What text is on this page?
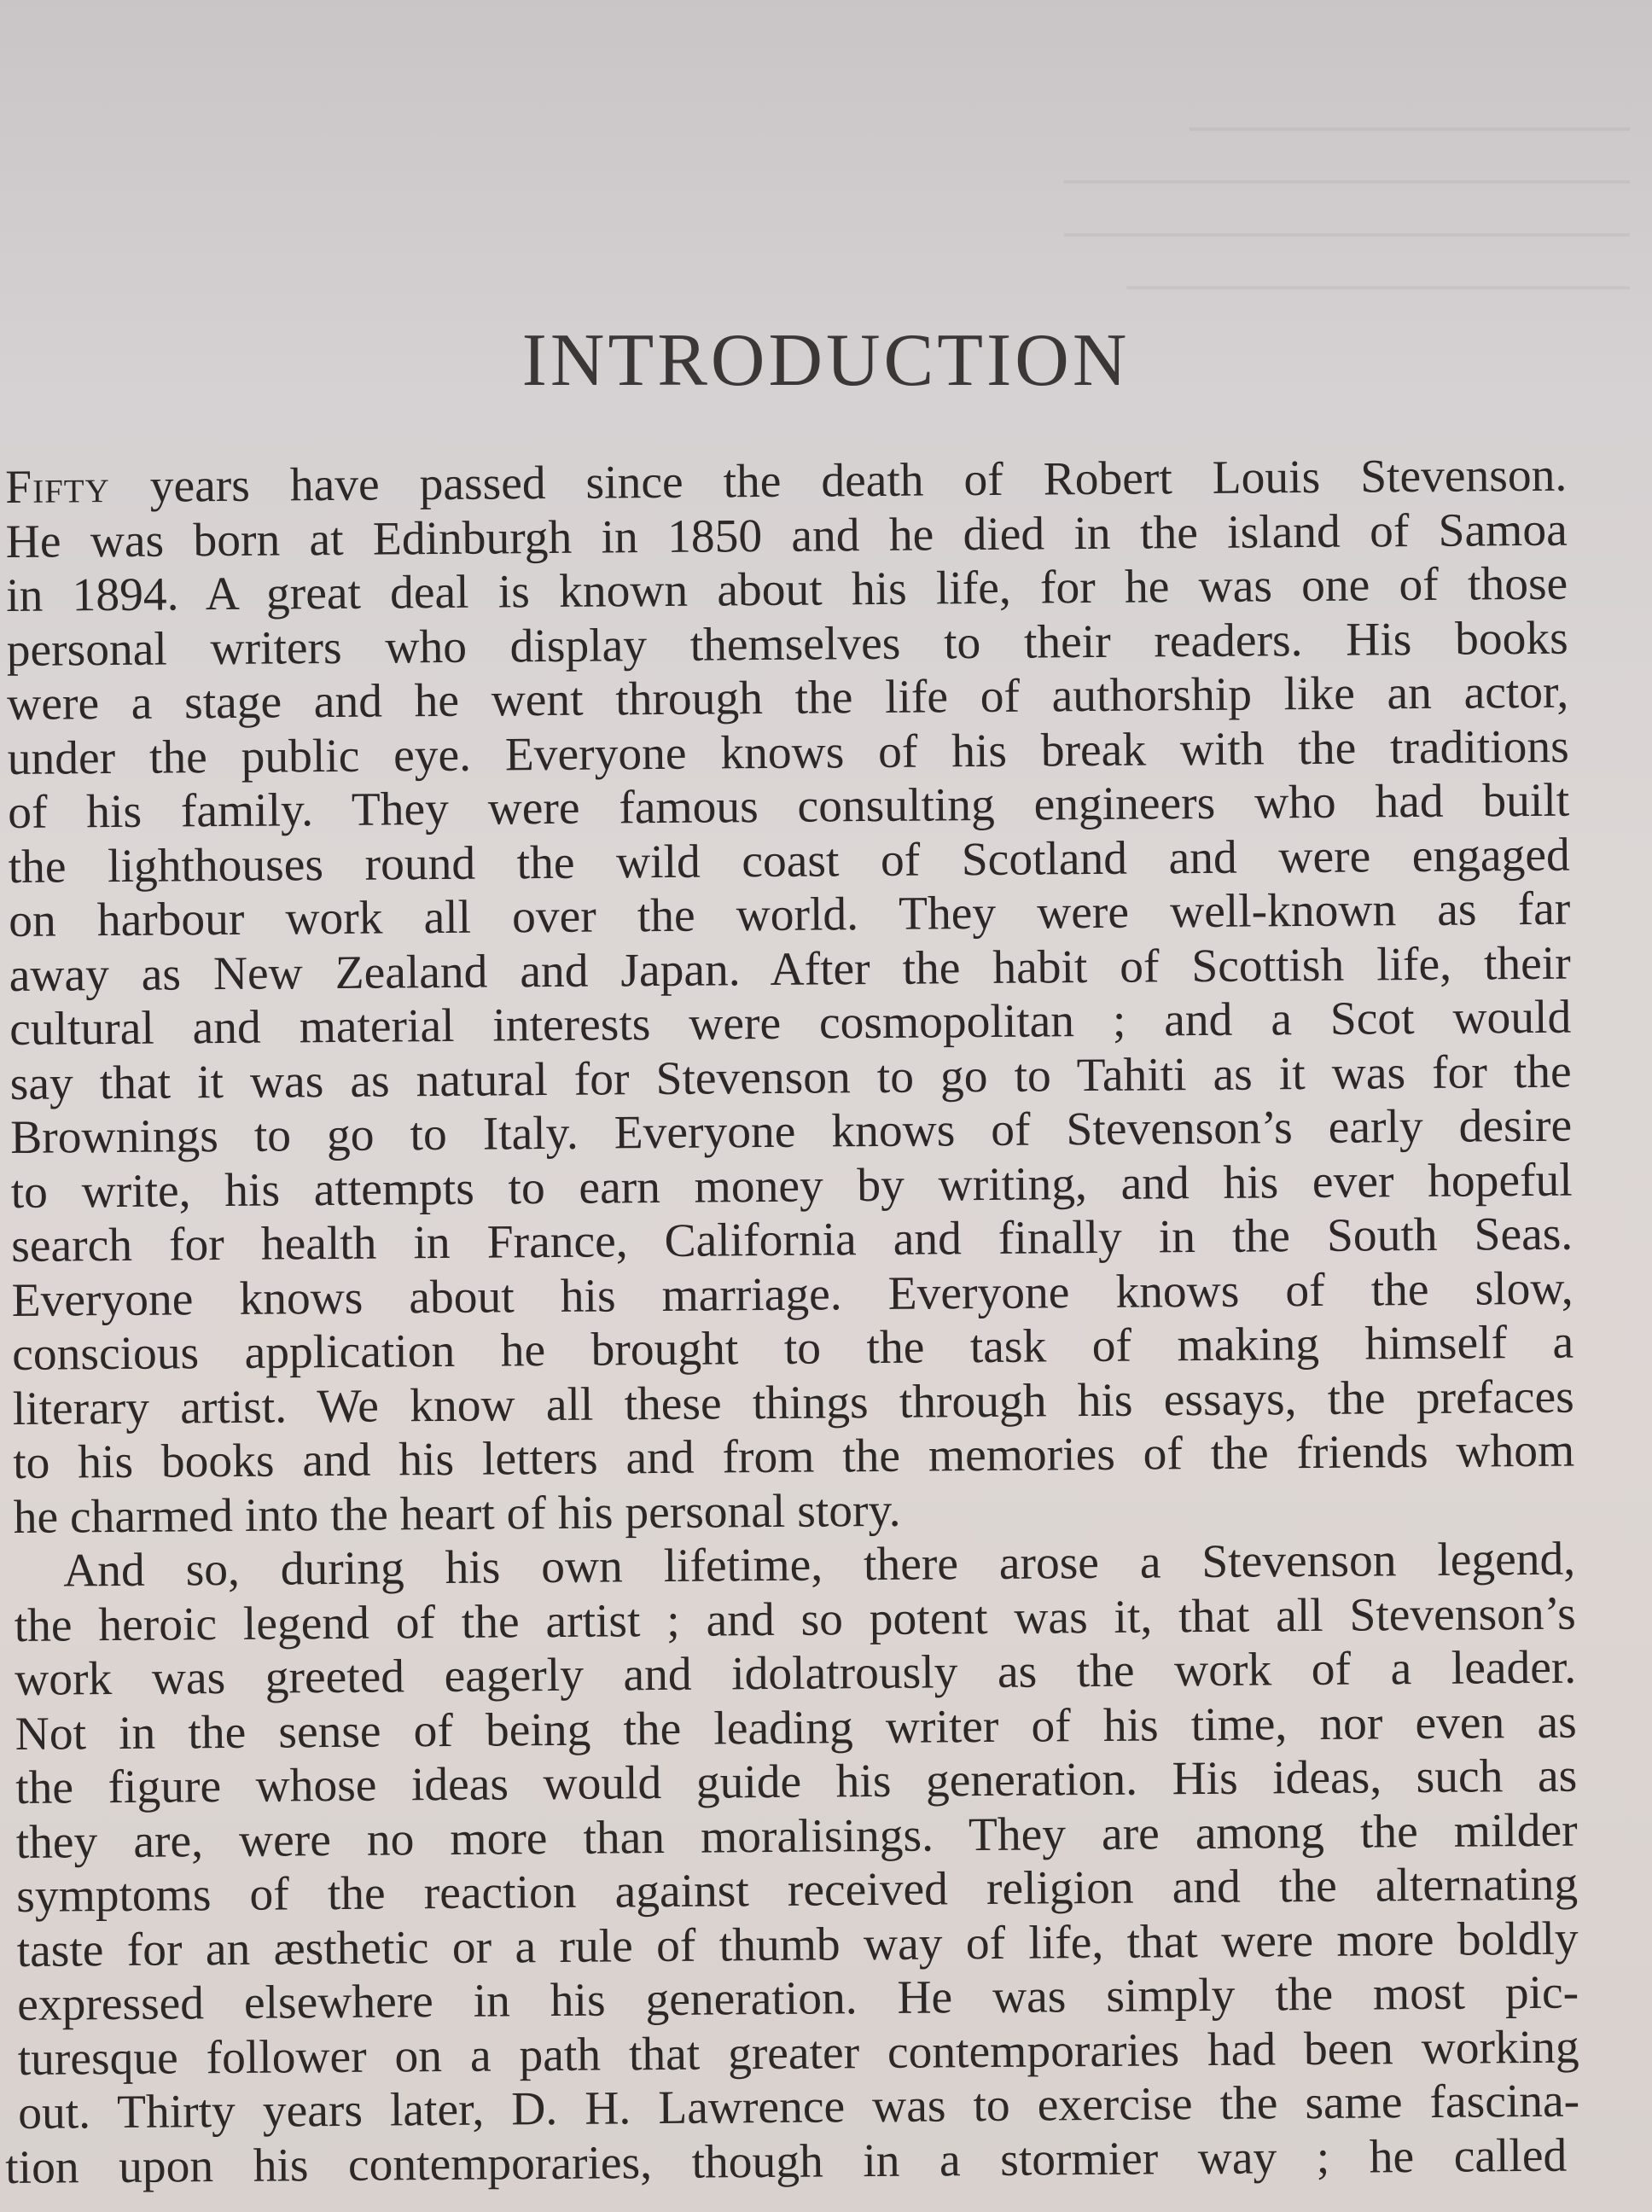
──────────────
──────────────────
──────────────────
────────────────
INTRODUCTION
Fifty years have passed since the death of Robert Louis Stevenson.
He was born at Edinburgh in 1850 and he died in the island of Samoa
in 1894. A great deal is known about his life, for he was one of those
personal writers who display themselves to their readers. His books
were a stage and he went through the life of authorship like an actor,
under the public eye. Everyone knows of his break with the traditions
of his family. They were famous consulting engineers who had built
the lighthouses round the wild coast of Scotland and were engaged
on harbour work all over the world. They were well-known as far
away as New Zealand and Japan. After the habit of Scottish life, their
cultural and material interests were cosmopolitan ; and a Scot would
say that it was as natural for Stevenson to go to Tahiti as it was for the
Brownings to go to Italy. Everyone knows of Stevenson’s early desire
to write, his attempts to earn money by writing, and his ever hopeful
search for health in France, California and finally in the South Seas.
Everyone knows about his marriage. Everyone knows of the slow,
conscious application he brought to the task of making himself a
literary artist. We know all these things through his essays, the prefaces
to his books and his letters and from the memories of the friends whom
he charmed into the heart of his personal story.
And so, during his own lifetime, there arose a Stevenson legend,
the heroic legend of the artist ; and so potent was it, that all Stevenson’s
work was greeted eagerly and idolatrously as the work of a leader.
Not in the sense of being the leading writer of his time, nor even as
the figure whose ideas would guide his generation. His ideas, such as
they are, were no more than moralisings. They are among the milder
symptoms of the reaction against received religion and the alternating
taste for an æsthetic or a rule of thumb way of life, that were more boldly
expressed elsewhere in his generation. He was simply the most pic-
turesque follower on a path that greater contemporaries had been working
out. Thirty years later, D. H. Lawrence was to exercise the same fascina-
tion upon his contemporaries, though in a stormier way ; he called
